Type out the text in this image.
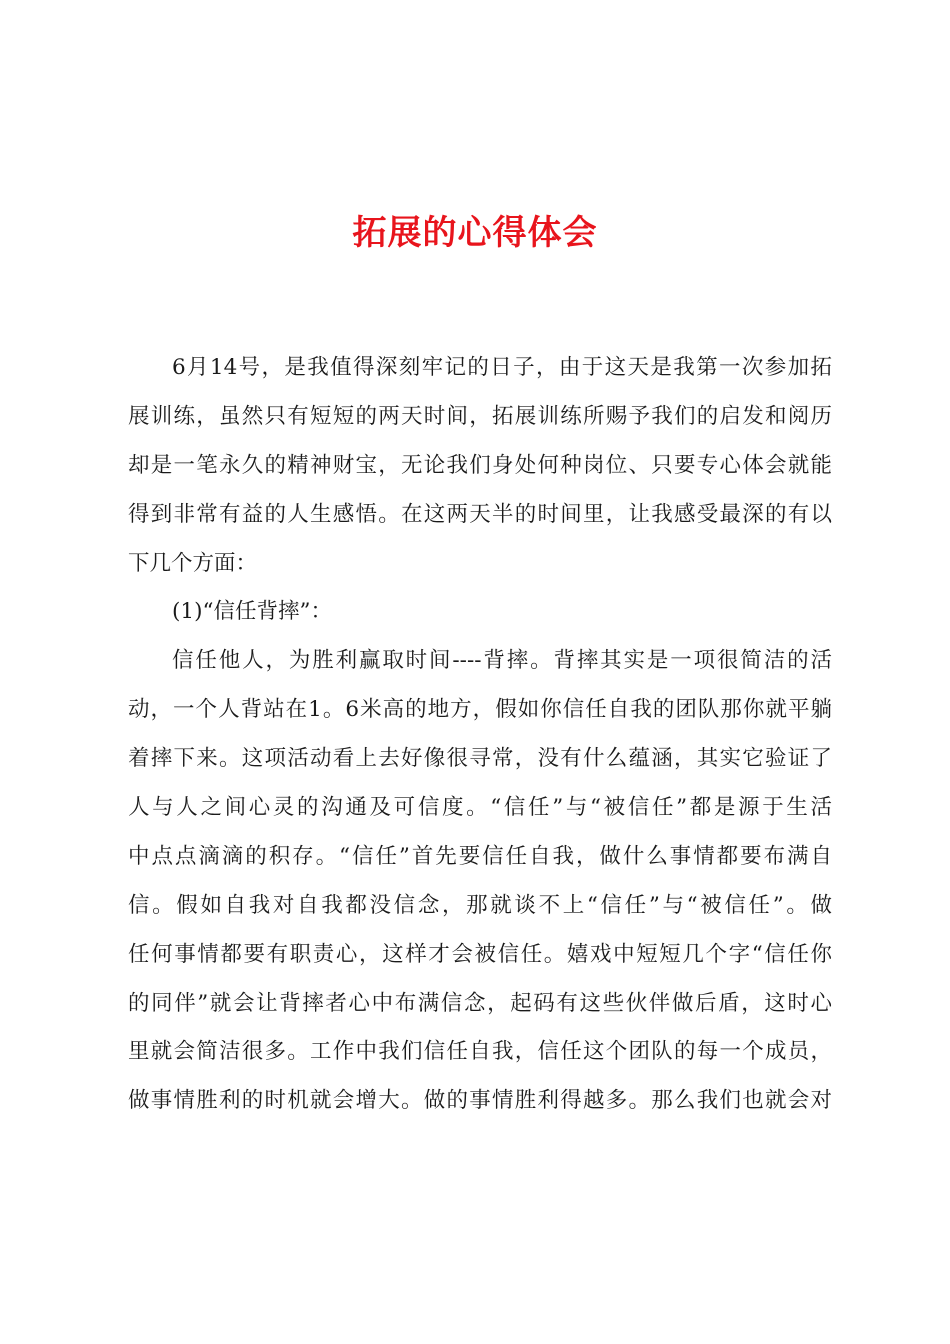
拓展的心得体会
6月14号，是我值得深刻牢记的日子，由于这天是我第一次参加拓
展训练，虽然只有短短的两天时间，拓展训练所赐予我们的启发和阅历
却是一笔永久的精神财宝，无论我们身处何种岗位、只要专心体会就能
得到非常有益的人生感悟。在这两天半的时间里，让我感受最深的有以
下几个方面：
(1)“信任背摔”：
信任他人，为胜利赢取时间----背摔。背摔其实是一项很简洁的活
动，一个人背站在1。6米高的地方，假如你信任自我的团队那你就平躺
着摔下来。这项活动看上去好像很寻常，没有什么蕴涵，其实它验证了
人与人之间心灵的沟通及可信度。“信任”与“被信任”都是源于生活
中点点滴滴的积存。“信任”首先要信任自我，做什么事情都要布满自
信。假如自我对自我都没信念，那就谈不上“信任”与“被信任”。做
任何事情都要有职责心，这样才会被信任。嬉戏中短短几个字“信任你
的同伴”就会让背摔者心中布满信念，起码有这些伙伴做后盾，这时心
里就会简洁很多。工作中我们信任自我，信任这个团队的每一个成员，
做事情胜利的时机就会增大。做的事情胜利得越多。那么我们也就会对
